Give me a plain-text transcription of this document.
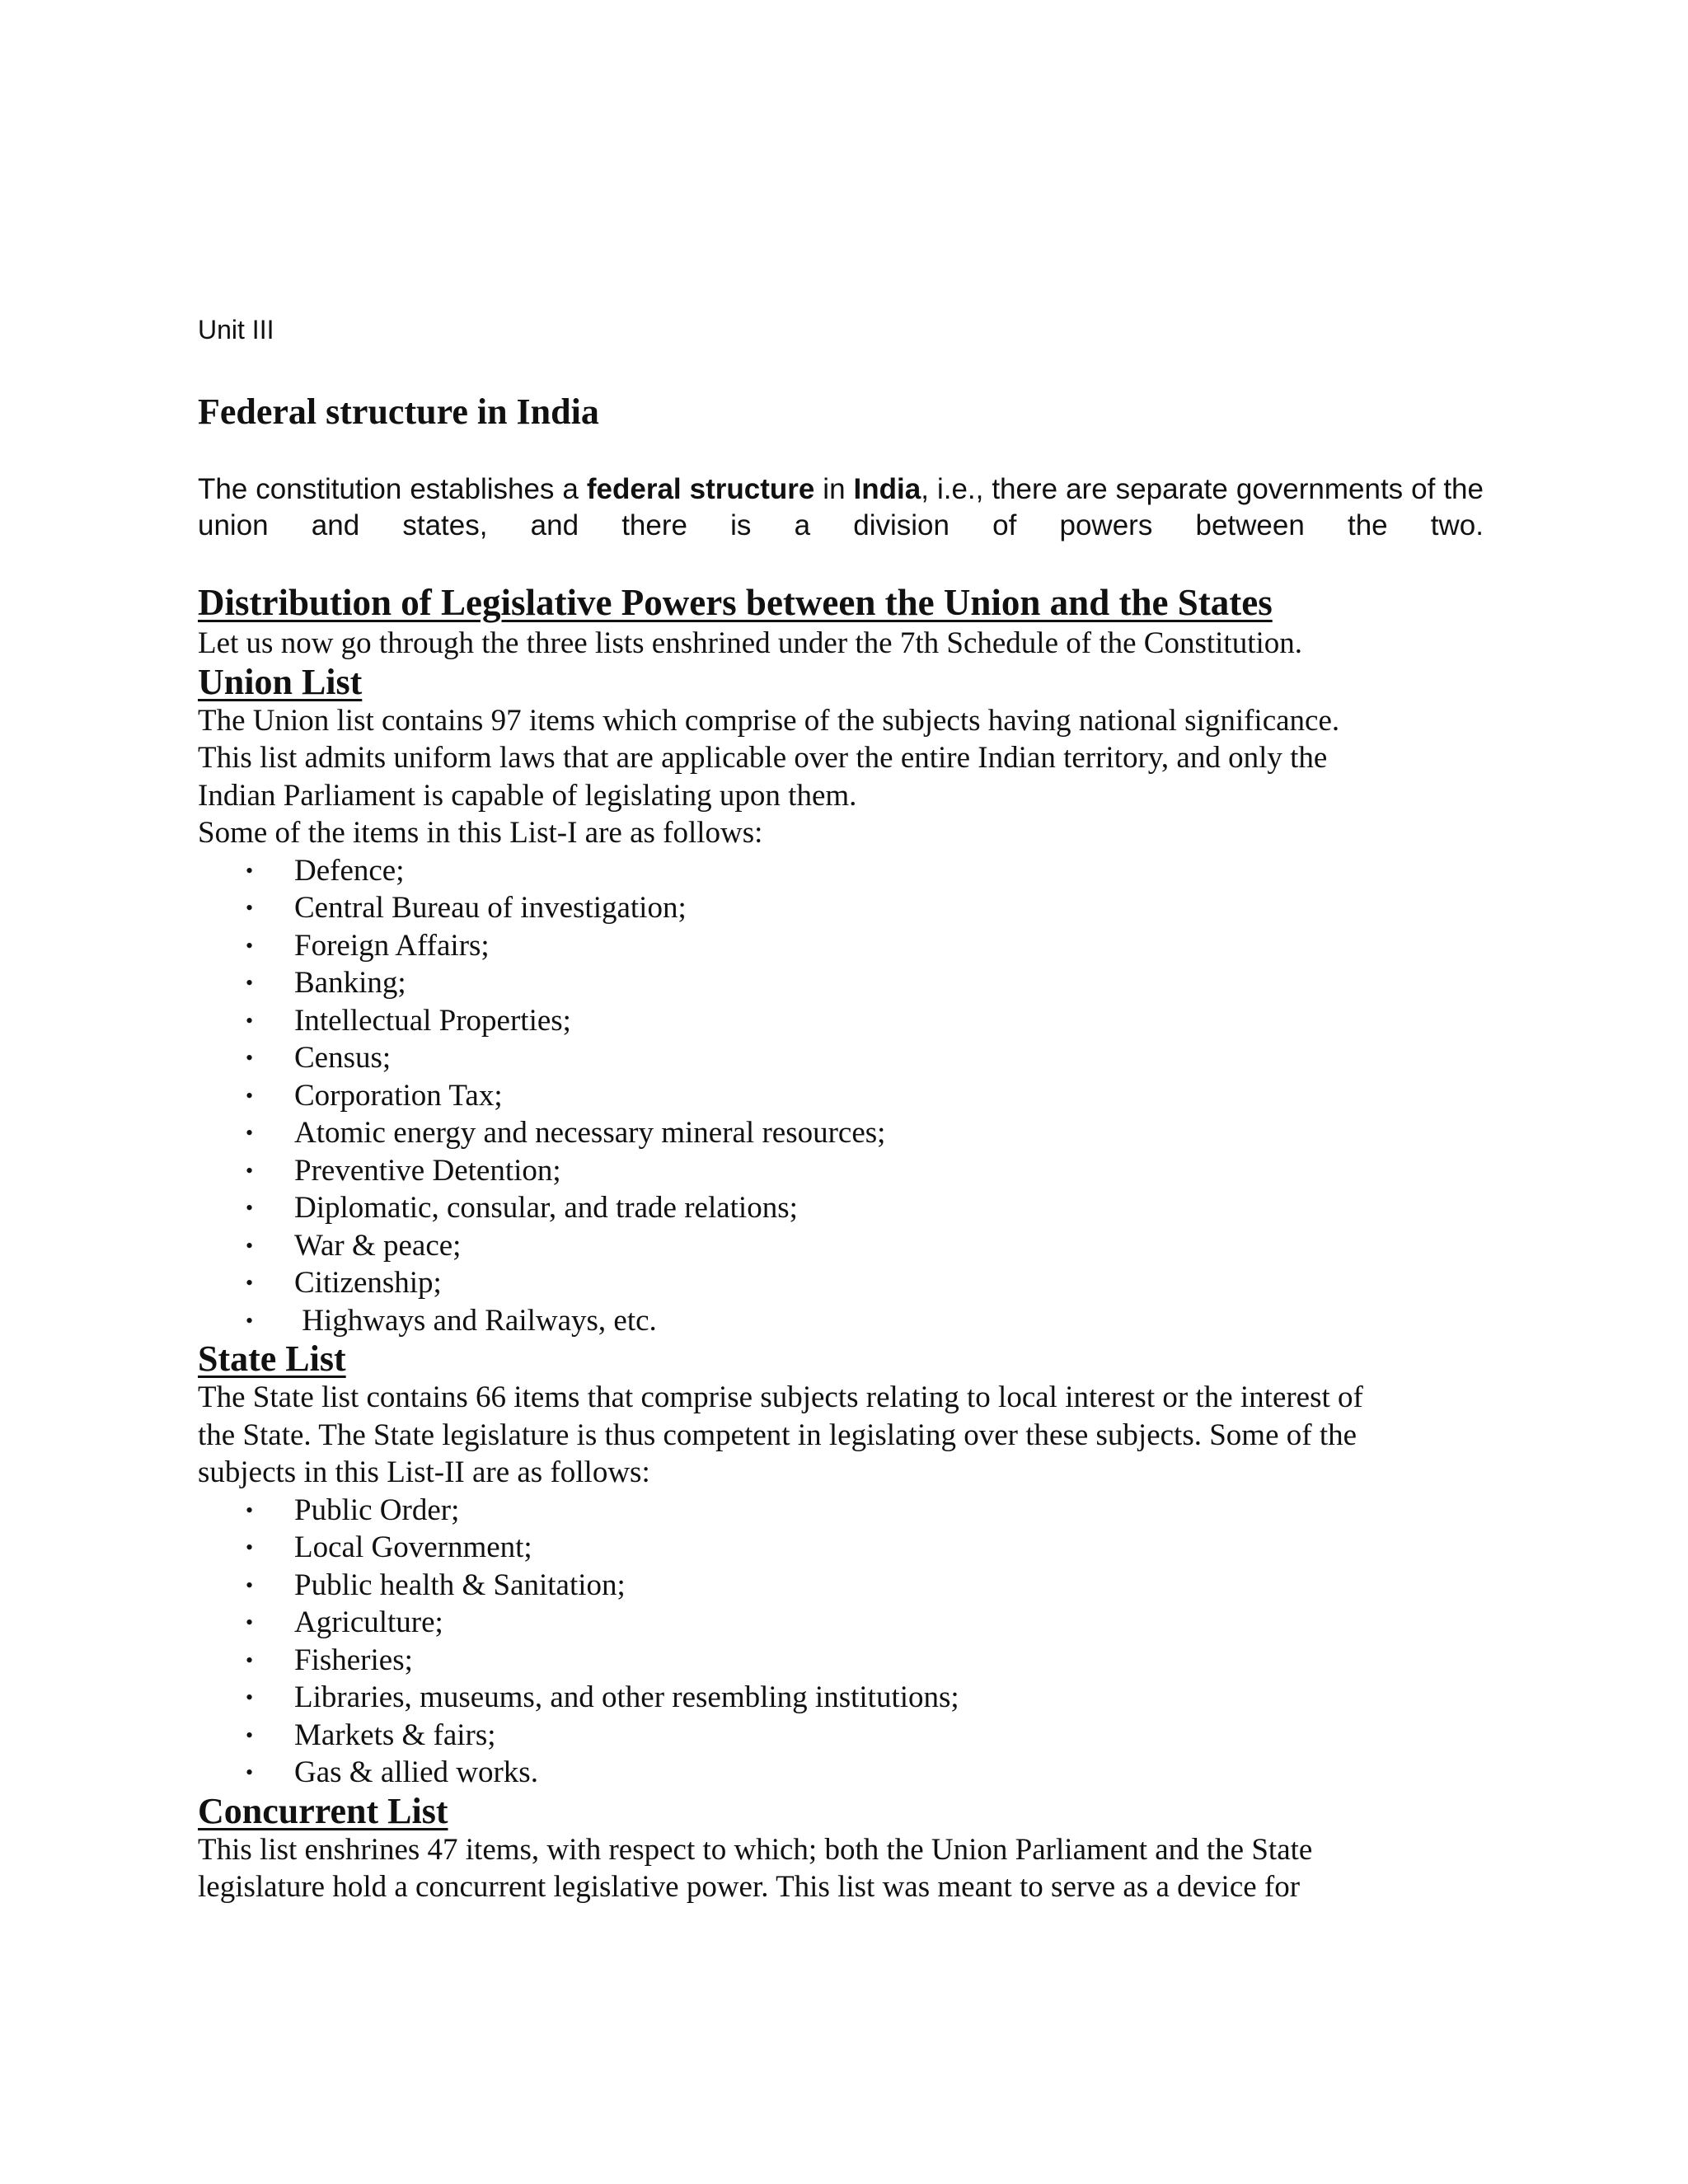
Unit III

Federal structure in India

The constitution establishes a federal structure in India, i.e., there are separate governments of the union and states, and there is a division of powers between the two.

Distribution of Legislative Powers between the Union and the States

Let us now go through the three lists enshrined under the 7th Schedule of the Constitution.

Union List

The Union list contains 97 items which comprise of the subjects having national significance.

This list admits uniform laws that are applicable over the entire Indian territory, and only the

Indian Parliament is capable of legislating upon them.

Some of the items in this List-I are as follows:

• Defence;
• Central Bureau of investigation;
• Foreign Affairs;
• Banking;
• Intellectual Properties;
• Census;
• Corporation Tax;
• Atomic energy and necessary mineral resources;
• Preventive Detention;
• Diplomatic, consular, and trade relations;
• War & peace;
• Citizenship;
• Highways and Railways, etc.
State List

The State list contains 66 items that comprise subjects relating to local interest or the interest of

the State. The State legislature is thus competent in legislating over these subjects. Some of the

subjects in this List-II are as follows:

• Public Order;
• Local Government;
• Public health & Sanitation;
• Agriculture;
• Fisheries;
• Libraries, museums, and other resembling institutions;
• Markets & fairs;
• Gas & allied works.
Concurrent List

This list enshrines 47 items, with respect to which; both the Union Parliament and the State

legislature hold a concurrent legislative power. This list was meant to serve as a device for
